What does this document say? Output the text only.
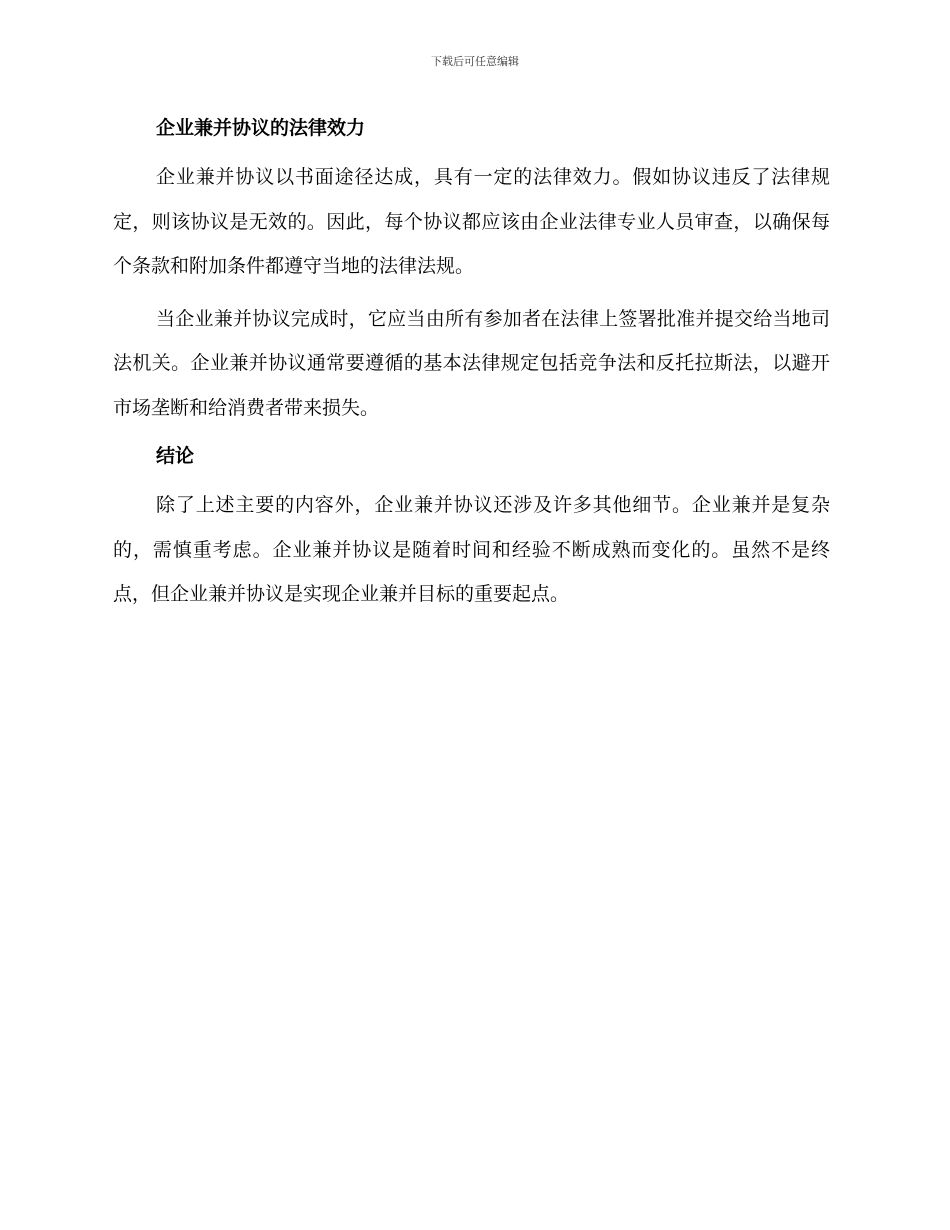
下载后可任意编辑
企业兼并协议的法律效力

企业兼并协议以书面途径达成，具有一定的法律效力。假如协议违反了法律规定，则该协议是无效的。因此，每个协议都应该由企业法律专业人员审查，以确保每个条款和附加条件都遵守当地的法律法规。

当企业兼并协议完成时，它应当由所有参加者在法律上签署批准并提交给当地司法机关。企业兼并协议通常要遵循的基本法律规定包括竞争法和反托拉斯法，以避开市场垄断和给消费者带来损失。

结论

除了上述主要的内容外，企业兼并协议还涉及许多其他细节。企业兼并是复杂的，需慎重考虑。企业兼并协议是随着时间和经验不断成熟而变化的。虽然不是终点，但企业兼并协议是实现企业兼并目标的重要起点。
